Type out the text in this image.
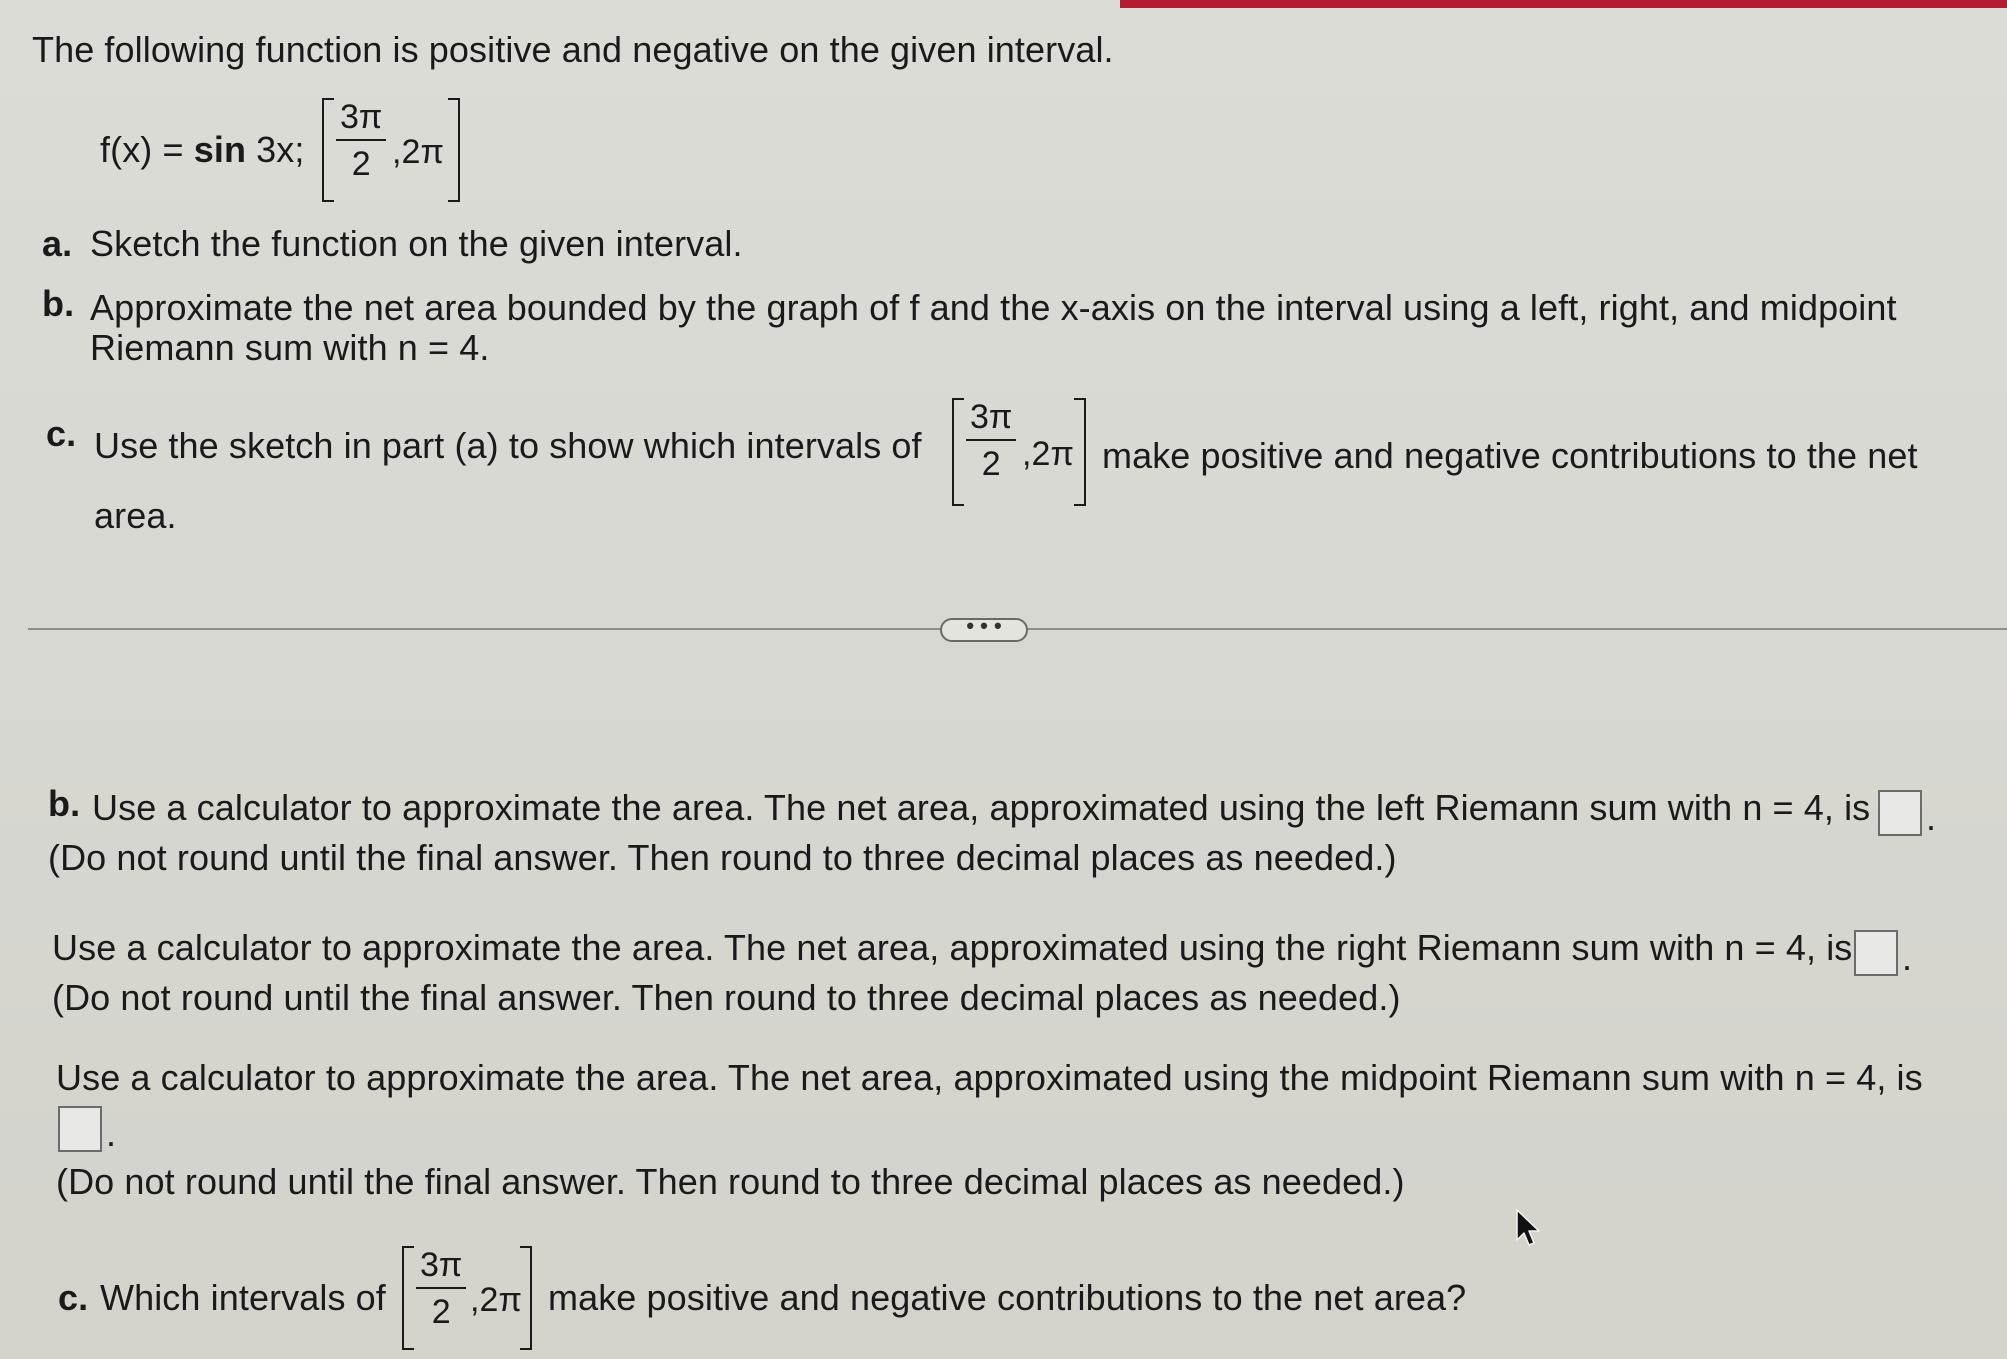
The following function is positive and negative on the given interval.
f(x) = sin 3x; $\frac{3\pi}{2} ,2\pi$
a. Sketch the function on the given interval.
b. Approximate the net area bounded by the graph of f and the x-axis on the interval using a left, right, and midpoint
Riemann sum with n = 4.
c. Use the sketch in part (a) to show which intervals of $\frac{3\pi}{2} ,2\pi$ make positive and negative contributions to the net
area.
• • •
b. Use a calculator to approximate the area. The net area, approximated using the left Riemann sum with n = 4, is .
(Do not round until the final answer. Then round to three decimal places as needed.)
Use a calculator to approximate the area. The net area, approximated using the right Riemann sum with n = 4, is .
(Do not round until the final answer. Then round to three decimal places as needed.)
Use a calculator to approximate the area. The net area, approximated using the midpoint Riemann sum with n = 4, is
.
(Do not round until the final answer. Then round to three decimal places as needed.)
c. Which intervals of $\frac{3\pi}{2} ,2\pi$ make positive and negative contributions to the net area?
